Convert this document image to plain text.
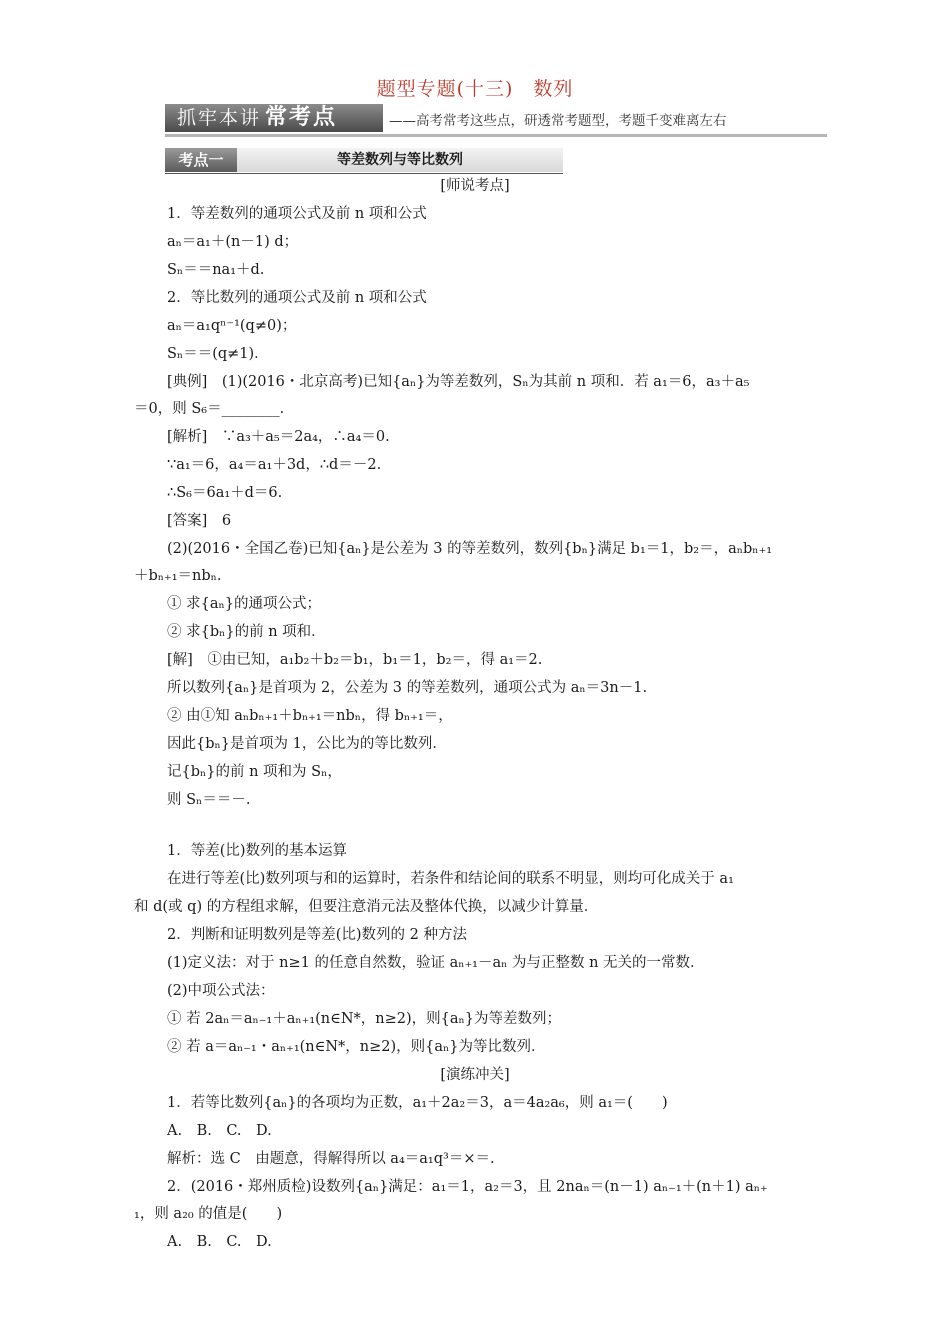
题型专题(十三)　数列
抓牢本讲 常考点	——高考常考这些点，研透常考题型，考题千变难离左右
考点一	等差数列与等比数列
[师说考点]
1．等差数列的通项公式及前 n 项和公式
aₙ＝a₁＋(n－1) d；
Sₙ＝＝na₁＋d.
2．等比数列的通项公式及前 n 项和公式
aₙ＝a₁qⁿ⁻¹(q≠0)；
Sₙ＝＝(q≠1)．
[典例]　(1)(2016・北京高考)已知{aₙ}为等差数列，Sₙ为其前 n 项和．若 a₁＝6，a₃＋a₅
＝0，则 S₆＝________.
[解析]　∵a₃＋a₅＝2a₄，∴a₄＝0.
∵a₁＝6，a₄＝a₁＋3d，∴d＝－2.
∴S₆＝6a₁＋d＝6.
[答案]　6
(2)(2016・全国乙卷)已知{aₙ}是公差为 3 的等差数列，数列{bₙ}满足 b₁＝1，b₂＝，aₙbₙ₊₁
＋bₙ₊₁＝nbₙ.
① 求{aₙ}的通项公式；
② 求{bₙ}的前 n 项和．
[解]　①由已知，a₁b₂＋b₂＝b₁，b₁＝1，b₂＝，得 a₁＝2.
所以数列{aₙ}是首项为 2，公差为 3 的等差数列，通项公式为 aₙ＝3n－1.
② 由①知 aₙbₙ₊₁＋bₙ₊₁＝nbₙ，得 bₙ₊₁＝，
因此{bₙ}是首项为 1，公比为的等比数列．
记{bₙ}的前 n 项和为 Sₙ，
则 Sₙ＝＝－.
1．等差(比)数列的基本运算
在进行等差(比)数列项与和的运算时，若条件和结论间的联系不明显，则均可化成关于 a₁
和 d(或 q) 的方程组求解，但要注意消元法及整体代换，以减少计算量．
2．判断和证明数列是等差(比)数列的 2 种方法
(1)定义法：对于 n≥1 的任意自然数，验证 aₙ₊₁－aₙ 为与正整数 n 无关的一常数．
(2)中项公式法：
① 若 2aₙ＝aₙ₋₁＋aₙ₊₁(n∈N*，n≥2)，则{aₙ}为等差数列；
② 若 a＝aₙ₋₁・aₙ₊₁(n∈N*，n≥2)，则{aₙ}为等比数列．
[演练冲关]
1．若等比数列{aₙ}的各项均为正数，a₁＋2a₂＝3，a＝4a₂a₆，则 a₁＝(　　)
A.　B.　C.　D.
解析：选 C　由题意，得解得所以 a₄＝a₁q³＝×＝.
2．(2016・郑州质检)设数列{aₙ}满足：a₁＝1，a₂＝3，且 2naₙ＝(n－1) aₙ₋₁＋(n＋1) aₙ₊
₁，则 a₂₀ 的值是(　　)
A.　B.　C.　D.
